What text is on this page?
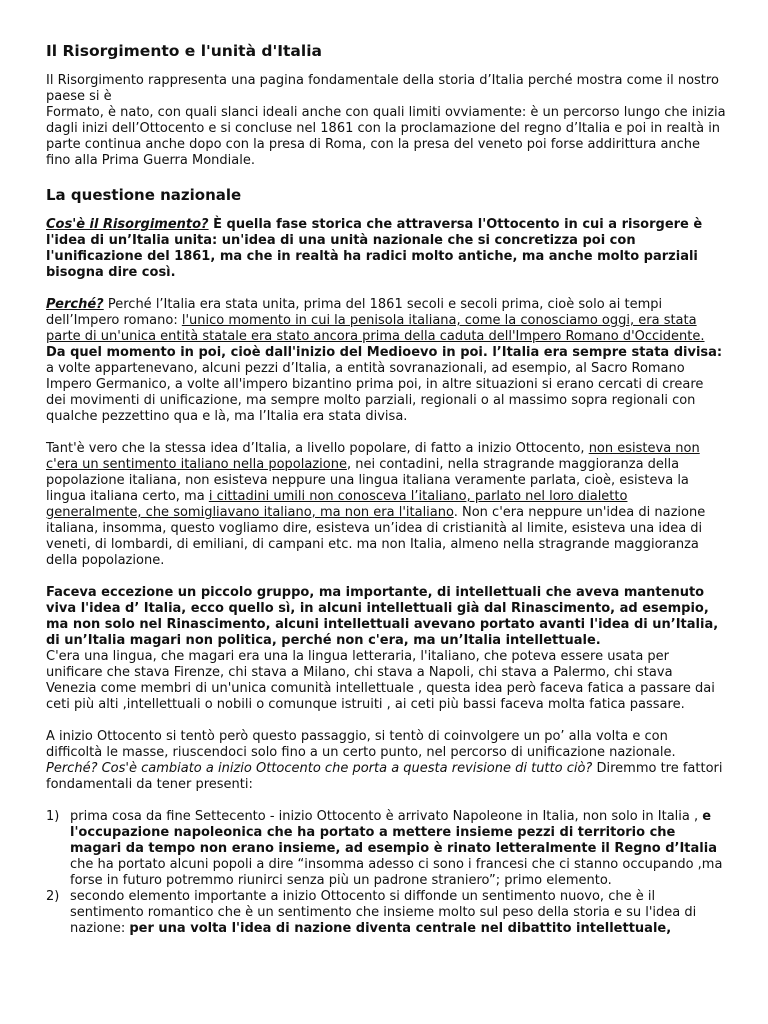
Il Risorgimento e l'unità d'Italia

Il Risorgimento rappresenta una pagina fondamentale della storia d’Italia perché mostra come il nostro paese si è
Formato, è nato, con quali slanci ideali anche con quali limiti ovviamente: è un percorso lungo che inizia dagli inizi dell’Ottocento e si concluse nel 1861 con la proclamazione del regno d’Italia e poi in realtà in parte continua anche dopo con la presa di Roma, con la presa del veneto poi forse addirittura anche fino alla Prima Guerra Mondiale.

La questione nazionale

Cos'è il Risorgimento? È quella fase storica che attraversa l'Ottocento in cui a risorgere è l'idea di un’Italia unita: un'idea di una unità nazionale che si concretizza poi con l'unificazione del 1861, ma che in realtà ha radici molto antiche, ma anche molto parziali bisogna dire così.

Perché? Perché l’Italia era stata unita, prima del 1861 secoli e secoli prima, cioè solo ai tempi dell’Impero romano: l'unico momento in cui la penisola italiana, come la conosciamo oggi, era stata parte di un'unica entità statale era stato ancora prima della caduta dell'Impero Romano d'Occidente.
Da quel momento in poi, cioè dall'inizio del Medioevo in poi. l’Italia era sempre stata divisa:
a volte appartenevano, alcuni pezzi d’Italia, a entità sovranazionali, ad esempio, al Sacro Romano Impero Germanico, a volte all'impero bizantino prima poi, in altre situazioni si erano cercati di creare dei movimenti di unificazione, ma sempre molto parziali, regionali o al massimo sopra regionali con qualche pezzettino qua e là, ma l’Italia era stata divisa.

Tant'è vero che la stessa idea d’Italia, a livello popolare, di fatto a inizio Ottocento, non esisteva non c'era un sentimento italiano nella popolazione, nei contadini, nella stragrande maggioranza della popolazione italiana, non esisteva neppure una lingua italiana veramente parlata, cioè, esisteva la lingua italiana certo, ma i cittadini umili non conosceva l’italiano, parlato nel loro dialetto generalmente, che somigliavano italiano, ma non era l'italiano. Non c'era neppure un'idea di nazione italiana, insomma, questo vogliamo dire, esisteva un’idea di cristianità al limite, esisteva una idea di veneti, di lombardi, di emiliani, di campani etc. ma non Italia, almeno nella stragrande maggioranza della popolazione.

Faceva eccezione un piccolo gruppo, ma importante, di intellettuali che aveva mantenuto viva l'idea d’ Italia, ecco quello sì, in alcuni intellettuali già dal Rinascimento, ad esempio, ma non solo nel Rinascimento, alcuni intellettuali avevano portato avanti l'idea di un’Italia, di un’Italia magari non politica, perché non c'era, ma un’Italia intellettuale.
C'era una lingua, che magari era una la lingua letteraria, l'italiano, che poteva essere usata per unificare che stava Firenze, chi stava a Milano, chi stava a Napoli, chi stava a Palermo, chi stava Venezia come membri di un'unica comunità intellettuale , questa idea però faceva fatica a passare dai ceti più alti ,intellettuali o nobili o comunque istruiti , ai ceti più bassi faceva molta fatica passare.

A inizio Ottocento si tentò però questo passaggio, si tentò di coinvolgere un po’ alla volta e con difficoltà le masse, riuscendoci solo fino a un certo punto, nel percorso di unificazione nazionale.
Perché? Cos'è cambiato a inizio Ottocento che porta a questa revisione di tutto ciò? Diremmo tre fattori fondamentali da tener presenti:

1) prima cosa da fine Settecento - inizio Ottocento è arrivato Napoleone in Italia, non solo in Italia , e l'occupazione napoleonica che ha portato a mettere insieme pezzi di territorio che magari da tempo non erano insieme, ad esempio è rinato letteralmente il Regno d’Italia
che ha portato alcuni popoli a dire “insomma adesso ci sono i francesi che ci stanno occupando ,ma forse in futuro potremmo riunirci senza più un padrone straniero”; primo elemento.
2) secondo elemento importante a inizio Ottocento si diffonde un sentimento nuovo, che è il sentimento romantico che è un sentimento che insieme molto sul peso della storia e su l'idea di nazione: per una volta l'idea di nazione diventa centrale nel dibattito intellettuale,
